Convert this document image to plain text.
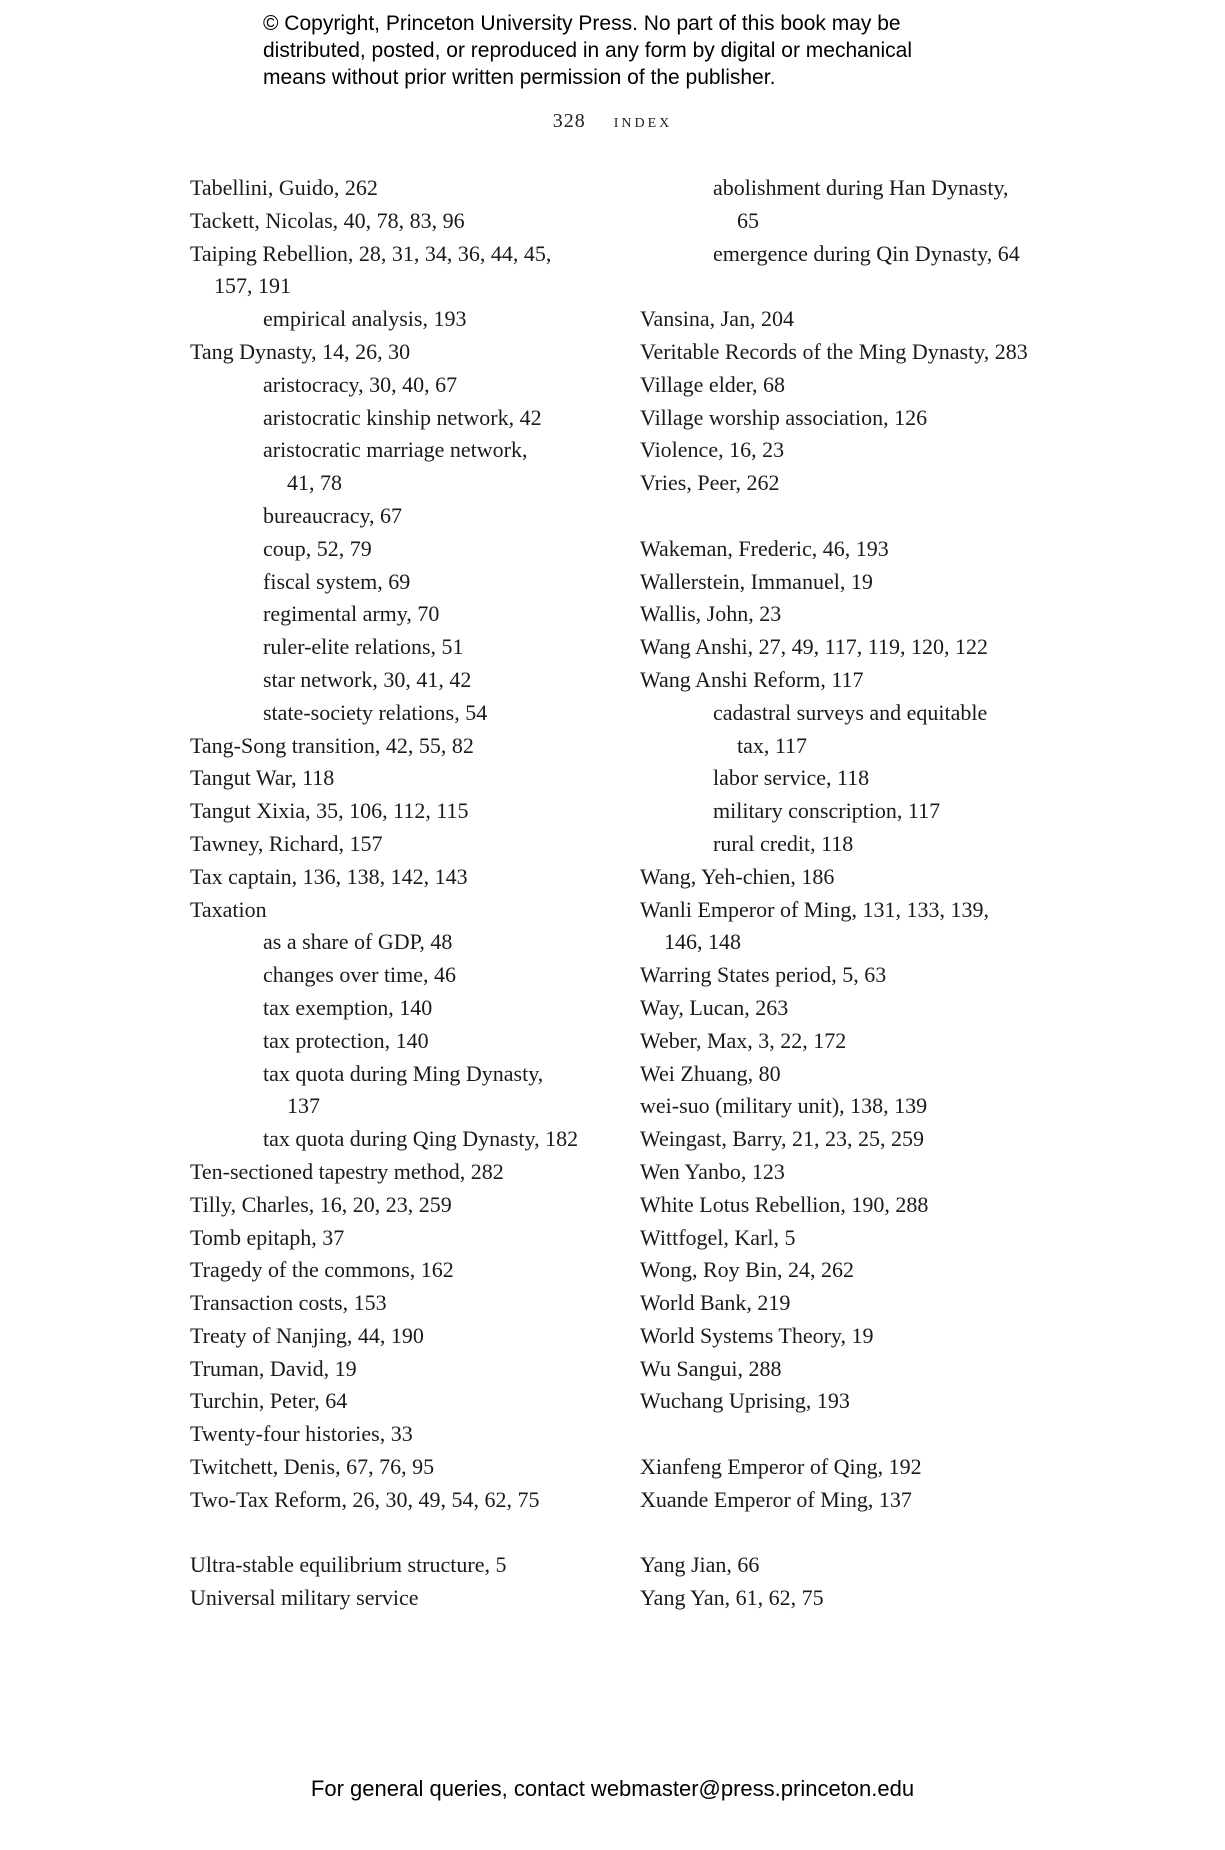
© Copyright, Princeton University Press. No part of this book may be
distributed, posted, or reproduced in any form by digital or mechanical
means without prior written permission of the publisher.
328 index
Tabellini, Guido, 262
Tackett, Nicolas, 40, 78, 83, 96
Taiping Rebellion, 28, 31, 34, 36, 44, 45,
157, 191
empirical analysis, 193
Tang Dynasty, 14, 26, 30
aristocracy, 30, 40, 67
aristocratic kinship network, 42
aristocratic marriage network,
41, 78
bureaucracy, 67
coup, 52, 79
fiscal system, 69
regimental army, 70
ruler-elite relations, 51
star network, 30, 41, 42
state-society relations, 54
Tang-Song transition, 42, 55, 82
Tangut War, 118
Tangut Xixia, 35, 106, 112, 115
Tawney, Richard, 157
Tax captain, 136, 138, 142, 143
Taxation
as a share of GDP, 48
changes over time, 46
tax exemption, 140
tax protection, 140
tax quota during Ming Dynasty,
137
tax quota during Qing Dynasty, 182
Ten-sectioned tapestry method, 282
Tilly, Charles, 16, 20, 23, 259
Tomb epitaph, 37
Tragedy of the commons, 162
Transaction costs, 153
Treaty of Nanjing, 44, 190
Truman, David, 19
Turchin, Peter, 64
Twenty-four histories, 33
Twitchett, Denis, 67, 76, 95
Two-Tax Reform, 26, 30, 49, 54, 62, 75
Ultra-stable equilibrium structure, 5
Universal military service
abolishment during Han Dynasty,
65
emergence during Qin Dynasty, 64
Vansina, Jan, 204
Veritable Records of the Ming Dynasty, 283
Village elder, 68
Village worship association, 126
Violence, 16, 23
Vries, Peer, 262
Wakeman, Frederic, 46, 193
Wallerstein, Immanuel, 19
Wallis, John, 23
Wang Anshi, 27, 49, 117, 119, 120, 122
Wang Anshi Reform, 117
cadastral surveys and equitable
tax, 117
labor service, 118
military conscription, 117
rural credit, 118
Wang, Yeh-chien, 186
Wanli Emperor of Ming, 131, 133, 139,
146, 148
Warring States period, 5, 63
Way, Lucan, 263
Weber, Max, 3, 22, 172
Wei Zhuang, 80
wei-suo (military unit), 138, 139
Weingast, Barry, 21, 23, 25, 259
Wen Yanbo, 123
White Lotus Rebellion, 190, 288
Wittfogel, Karl, 5
Wong, Roy Bin, 24, 262
World Bank, 219
World Systems Theory, 19
Wu Sangui, 288
Wuchang Uprising, 193
Xianfeng Emperor of Qing, 192
Xuande Emperor of Ming, 137
Yang Jian, 66
Yang Yan, 61, 62, 75
For general queries, contact webmaster@press.princeton.edu
